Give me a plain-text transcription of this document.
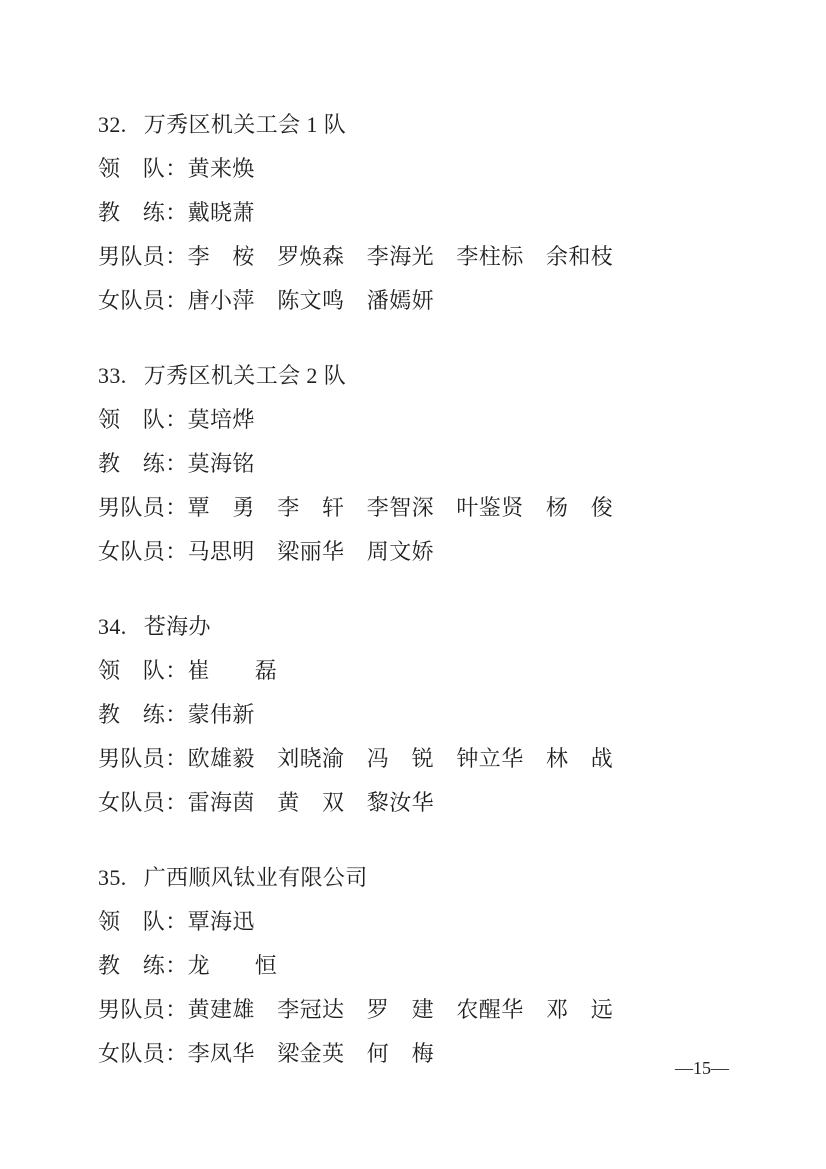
32. 万秀区机关工会 1 队

领　队：黄来焕

教　练：戴晓萧

男队员：李　桉　罗焕森　李海光　李柱标　余和枝

女队员：唐小萍　陈文鸣　潘嫣妍

33. 万秀区机关工会 2 队

领　队：莫培烨

教　练：莫海铭

男队员：覃　勇　李　轩　李智深　叶鉴贤　杨　俊

女队员：马思明　梁丽华　周文娇

34. 苍海办

领　队：崔　　磊

教　练：蒙伟新

男队员：欧雄毅　刘晓渝　冯　锐　钟立华　林　战

女队员：雷海茵　黄　双　黎汝华

35. 广西顺风钛业有限公司

领　队：覃海迅

教　练：龙　　恒

男队员：黄建雄　李冠达　罗　建　农醒华　邓　远

女队员：李凤华　梁金英　何　梅

—15—
